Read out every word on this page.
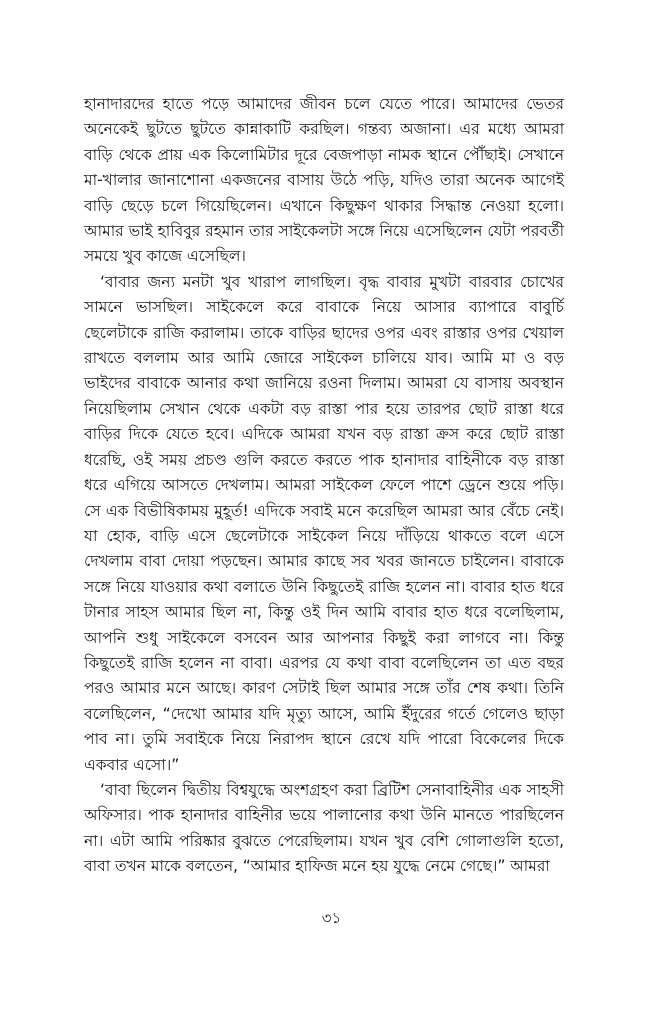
হানাদারদের হাতে পড়ে আমাদের জীবন চলে যেতে পারে। আমাদের ভেতর অনেকেই ছুটতে ছুটতে কান্নাকাটি করছিল। গন্তব্য অজানা। এর মধ্যে আমরা বাড়ি থেকে প্রায় এক কিলোমিটার দূরে বেজপাড়া নামক স্থানে পৌঁছাই। সেখানে মা-খালার জানাশোনা একজনের বাসায় উঠে পড়ি, যদিও তারা অনেক আগেই বাড়ি ছেড়ে চলে গিয়েছিলেন। এখানে কিছুক্ষণ থাকার সিদ্ধান্ত নেওয়া হলো। আমার ভাই হাবিবুর রহমান তার সাইকেলটা সঙ্গে নিয়ে এসেছিলেন যেটা পরবর্তী সময়ে খুব কাজে এসেছিল।

‘বাবার জন্য মনটা খুব খারাপ লাগছিল। বৃদ্ধ বাবার মুখটা বারবার চোখের সামনে ভাসছিল। সাইকেলে করে বাবাকে নিয়ে আসার ব্যাপারে বাবুর্চি ছেলেটাকে রাজি করালাম। তাকে বাড়ির ছাদের ওপর এবং রাস্তার ওপর খেয়াল রাখতে বললাম আর আমি জোরে সাইকেল চালিয়ে যাব। আমি মা ও বড় ভাইদের বাবাকে আনার কথা জানিয়ে রওনা দিলাম। আমরা যে বাসায় অবস্থান নিয়েছিলাম সেখান থেকে একটা বড় রাস্তা পার হয়ে তারপর ছোট রাস্তা ধরে বাড়ির দিকে যেতে হবে। এদিকে আমরা যখন বড় রাস্তা ক্রস করে ছোট রাস্তা ধরেছি, ওই সময় প্রচণ্ড গুলি করতে করতে পাক হানাদার বাহিনীকে বড় রাস্তা ধরে এগিয়ে আসতে দেখলাম। আমরা সাইকেল ফেলে পাশে ড্রেনে শুয়ে পড়ি। সে এক বিভীষিকাময় মুহূর্ত! এদিকে সবাই মনে করেছিল আমরা আর বেঁচে নেই। যা হোক, বাড়ি এসে ছেলেটাকে সাইকেল নিয়ে দাঁড়িয়ে থাকতে বলে এসে দেখলাম বাবা দোয়া পড়ছেন। আমার কাছে সব খবর জানতে চাইলেন। বাবাকে সঙ্গে নিয়ে যাওয়ার কথা বলাতে উনি কিছুতেই রাজি হলেন না। বাবার হাত ধরে টানার সাহস আমার ছিল না, কিন্তু ওই দিন আমি বাবার হাত ধরে বলেছিলাম, আপনি শুধু সাইকেলে বসবেন আর আপনার কিছুই করা লাগবে না। কিন্তু কিছুতেই রাজি হলেন না বাবা। এরপর যে কথা বাবা বলেছিলেন তা এত বছর পরও আমার মনে আছে। কারণ সেটাই ছিল আমার সঙ্গে তাঁর শেষ কথা। তিনি বলেছিলেন, “দেখো আমার যদি মৃত্যু আসে, আমি ইঁদুরের গর্তে গেলেও ছাড়া পাব না। তুমি সবাইকে নিয়ে নিরাপদ স্থানে রেখে যদি পারো বিকেলের দিকে একবার এসো।”

‘বাবা ছিলেন দ্বিতীয় বিশ্বযুদ্ধে অংশগ্রহণ করা ব্রিটিশ সেনাবাহিনীর এক সাহসী অফিসার। পাক হানাদার বাহিনীর ভয়ে পালানোর কথা উনি মানতে পারছিলেন না। এটা আমি পরিষ্কার বুঝতে পেরেছিলাম। যখন খুব বেশি গোলাগুলি হতো, বাবা তখন মাকে বলতেন, “আমার হাফিজ মনে হয় যুদ্ধে নেমে গেছে।” আমরা

৩১
